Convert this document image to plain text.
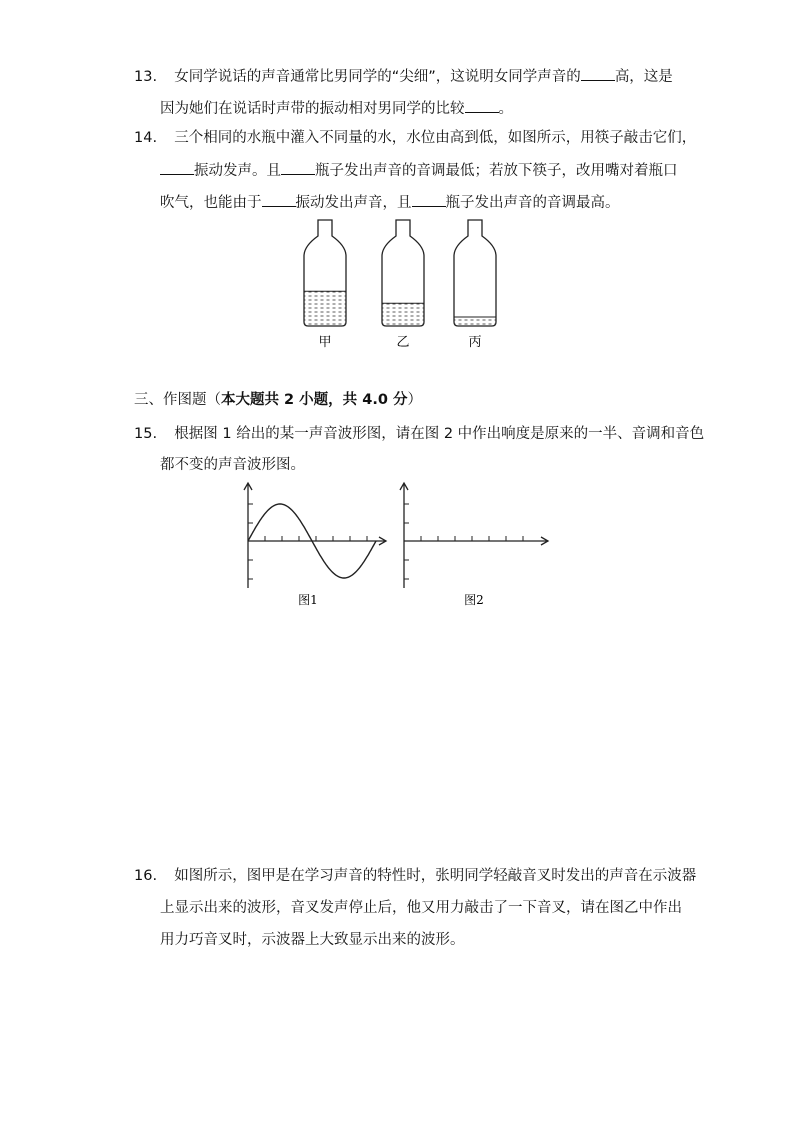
13. 女同学说话的声音通常比男同学的“尖细”，这说明女同学声音的 高，这是
因为她们在说话时声带的振动相对男同学的比较 。
14. 三个相同的水瓶中灌入不同量的水，水位由高到低，如图所示，用筷子敲击它们，
振动发声。且 瓶子发出声音的音调最低；若放下筷子，改用嘴对着瓶口
吹气，也能由于 振动发出声音，且 瓶子发出声音的音调最高。
甲	乙	丙
三、作图题（本大题共 2 小题，共 4.0 分）
15. 根据图 1 给出的某一声音波形图，请在图 2 中作出响度是原来的一半、音调和音色
都不变的声音波形图。
图1	图2
16. 如图所示，图甲是在学习声音的特性时，张明同学轻敲音叉时发出的声音在示波器
上显示出来的波形，音叉发声停止后，他又用力敲击了一下音叉，请在图乙中作出
用力巧音叉时，示波器上大致显示出来的波形。
